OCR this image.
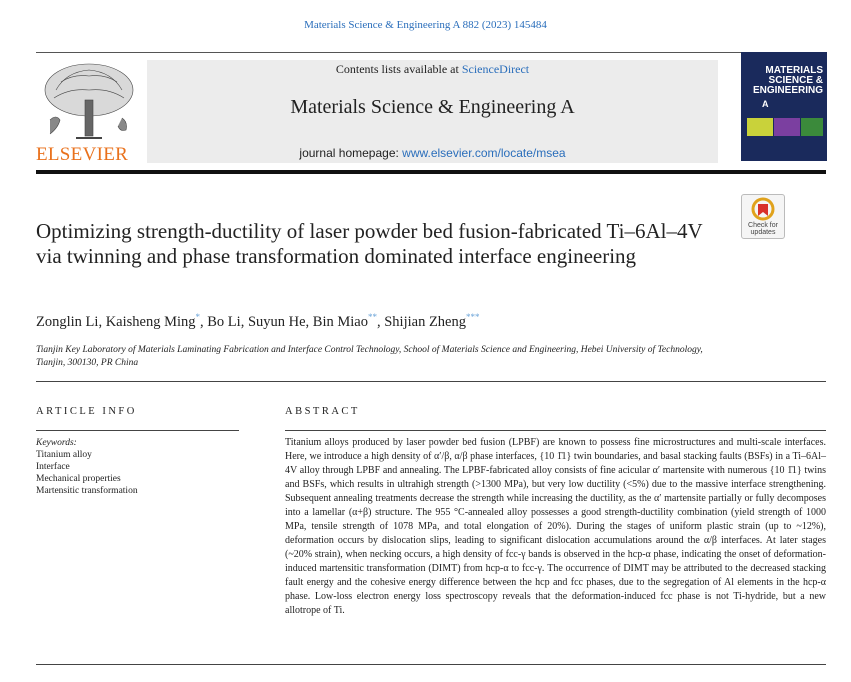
Materials Science & Engineering A 882 (2023) 145484
ELSEVIER
Contents lists available at ScienceDirect
Materials Science & Engineering A
journal homepage: www.elsevier.com/locate/msea
MATERIALS
SCIENCE &
ENGINEERING
A
Check for
updates
Optimizing strength-ductility of laser powder bed fusion-fabricated Ti–6Al–4V via twinning and phase transformation dominated interface engineering
Zonglin Li, Kaisheng Ming*, Bo Li, Suyun He, Bin Miao**, Shijian Zheng***
Tianjin Key Laboratory of Materials Laminating Fabrication and Interface Control Technology, School of Materials Science and Engineering, Hebei University of Technology, Tianjin, 300130, PR China
ARTICLE INFO	ABSTRACT
Keywords:
Titanium alloy
Interface
Mechanical properties
Martensitic transformation

Titanium alloys produced by laser powder bed fusion (LPBF) are known to possess fine microstructures and multi-scale interfaces. Here, we introduce a high density of α′/β, α/β phase interfaces, {10 1̄1} twin boundaries, and basal stacking faults (BSFs) in a Ti–6Al–4V alloy through LPBF and annealing. The LPBF-fabricated alloy consists of fine acicular α′ martensite with numerous {10 1̄1} twins and BSFs, which results in ultrahigh strength (>1300 MPa), but very low ductility (<5%) due to the massive interface strengthening. Subsequent annealing treatments decrease the strength while increasing the ductility, as the α′ martensite partially or fully decomposes into a lamellar (α+β) structure. The 955 °C-annealed alloy possesses a good strength-ductility combination (yield strength of 1000 MPa, tensile strength of 1078 MPa, and total elongation of 20%). During the stages of uniform plastic strain (up to ~12%), deformation occurs by dislocation slips, leading to significant dislocation accumulations around the α/β interfaces. At later stages (~20% strain), when necking occurs, a high density of fcc-γ bands is observed in the hcp-α phase, indicating the onset of deformation-induced martensitic transformation (DIMT) from hcp-α to fcc-γ. The occurrence of DIMT may be attributed to the decreased stacking fault energy and the cohesive energy difference between the hcp and fcc phases, due to the segregation of Al elements in the hcp-α phase. Low-loss electron energy loss spectroscopy reveals that the deformation-induced fcc phase is not Ti-hydride, but a new allotrope of Ti.
